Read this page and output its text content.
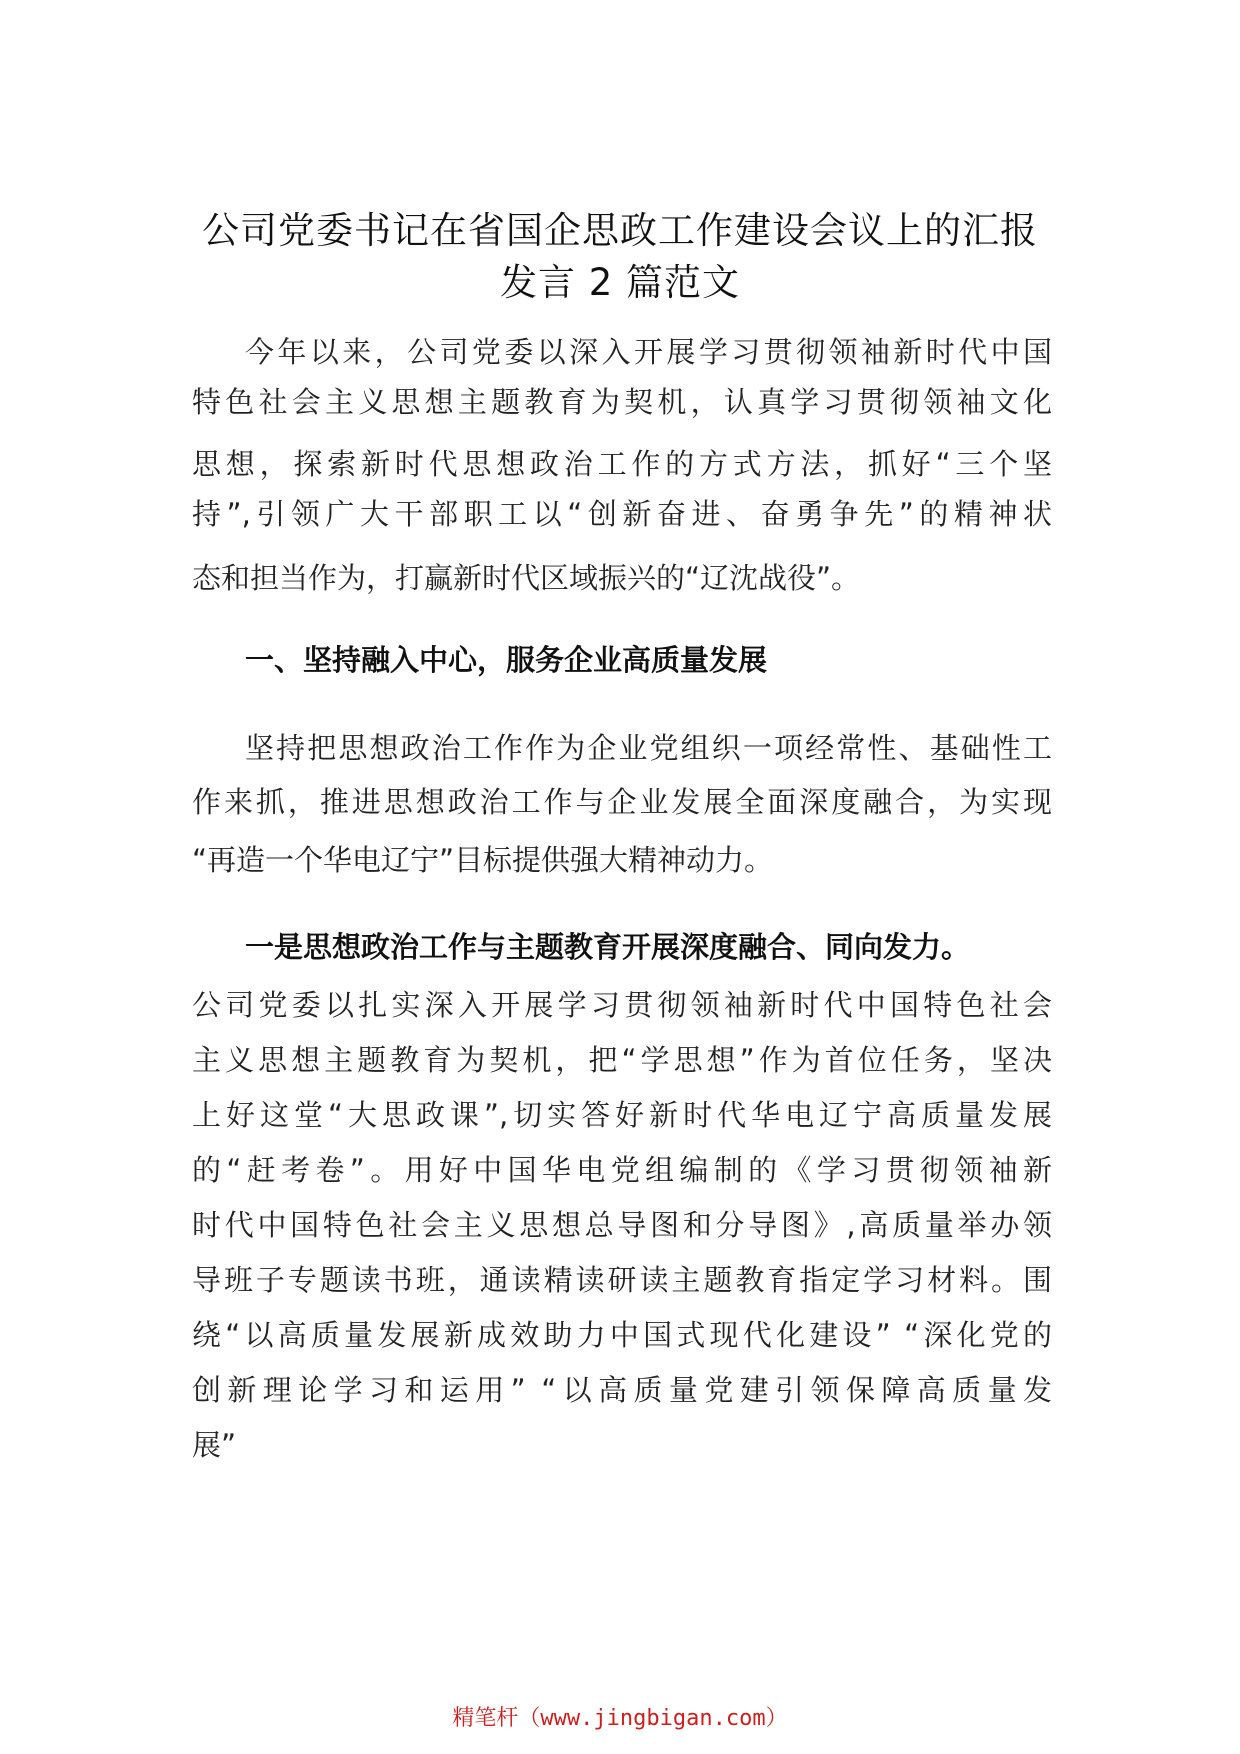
公司党委书记在省国企思政工作建设会议上的汇报
发言 2 篇范文
今年以来，公司党委以深入开展学习贯彻领袖新时代中国
特色社会主义思想主题教育为契机，认真学习贯彻领袖文化
思想，探索新时代思想政治工作的方式方法，抓好“三个坚
持”,引领广大干部职工以“创新奋进、奋勇争先”的精神状
态和担当作为，打赢新时代区域振兴的“辽沈战役”。
一、坚持融入中心，服务企业高质量发展
坚持把思想政治工作作为企业党组织一项经常性、基础性工
作来抓，推进思想政治工作与企业发展全面深度融合，为实现
“再造一个华电辽宁”目标提供强大精神动力。
一是思想政治工作与主题教育开展深度融合、同向发力。
公司党委以扎实深入开展学习贯彻领袖新时代中国特色社会
主义思想主题教育为契机，把“学思想”作为首位任务，坚决
上好这堂“大思政课”,切实答好新时代华电辽宁高质量发展
的“赶考卷”。用好中国华电党组编制的《学习贯彻领袖新
时代中国特色社会主义思想总导图和分导图》,高质量举办领
导班子专题读书班，通读精读研读主题教育指定学习材料。围
绕“以高质量发展新成效助力中国式现代化建设” “深化党的
创新理论学习和运用” “以高质量党建引领保障高质量发
展”
精笔杆（www.jingbigan.com）
